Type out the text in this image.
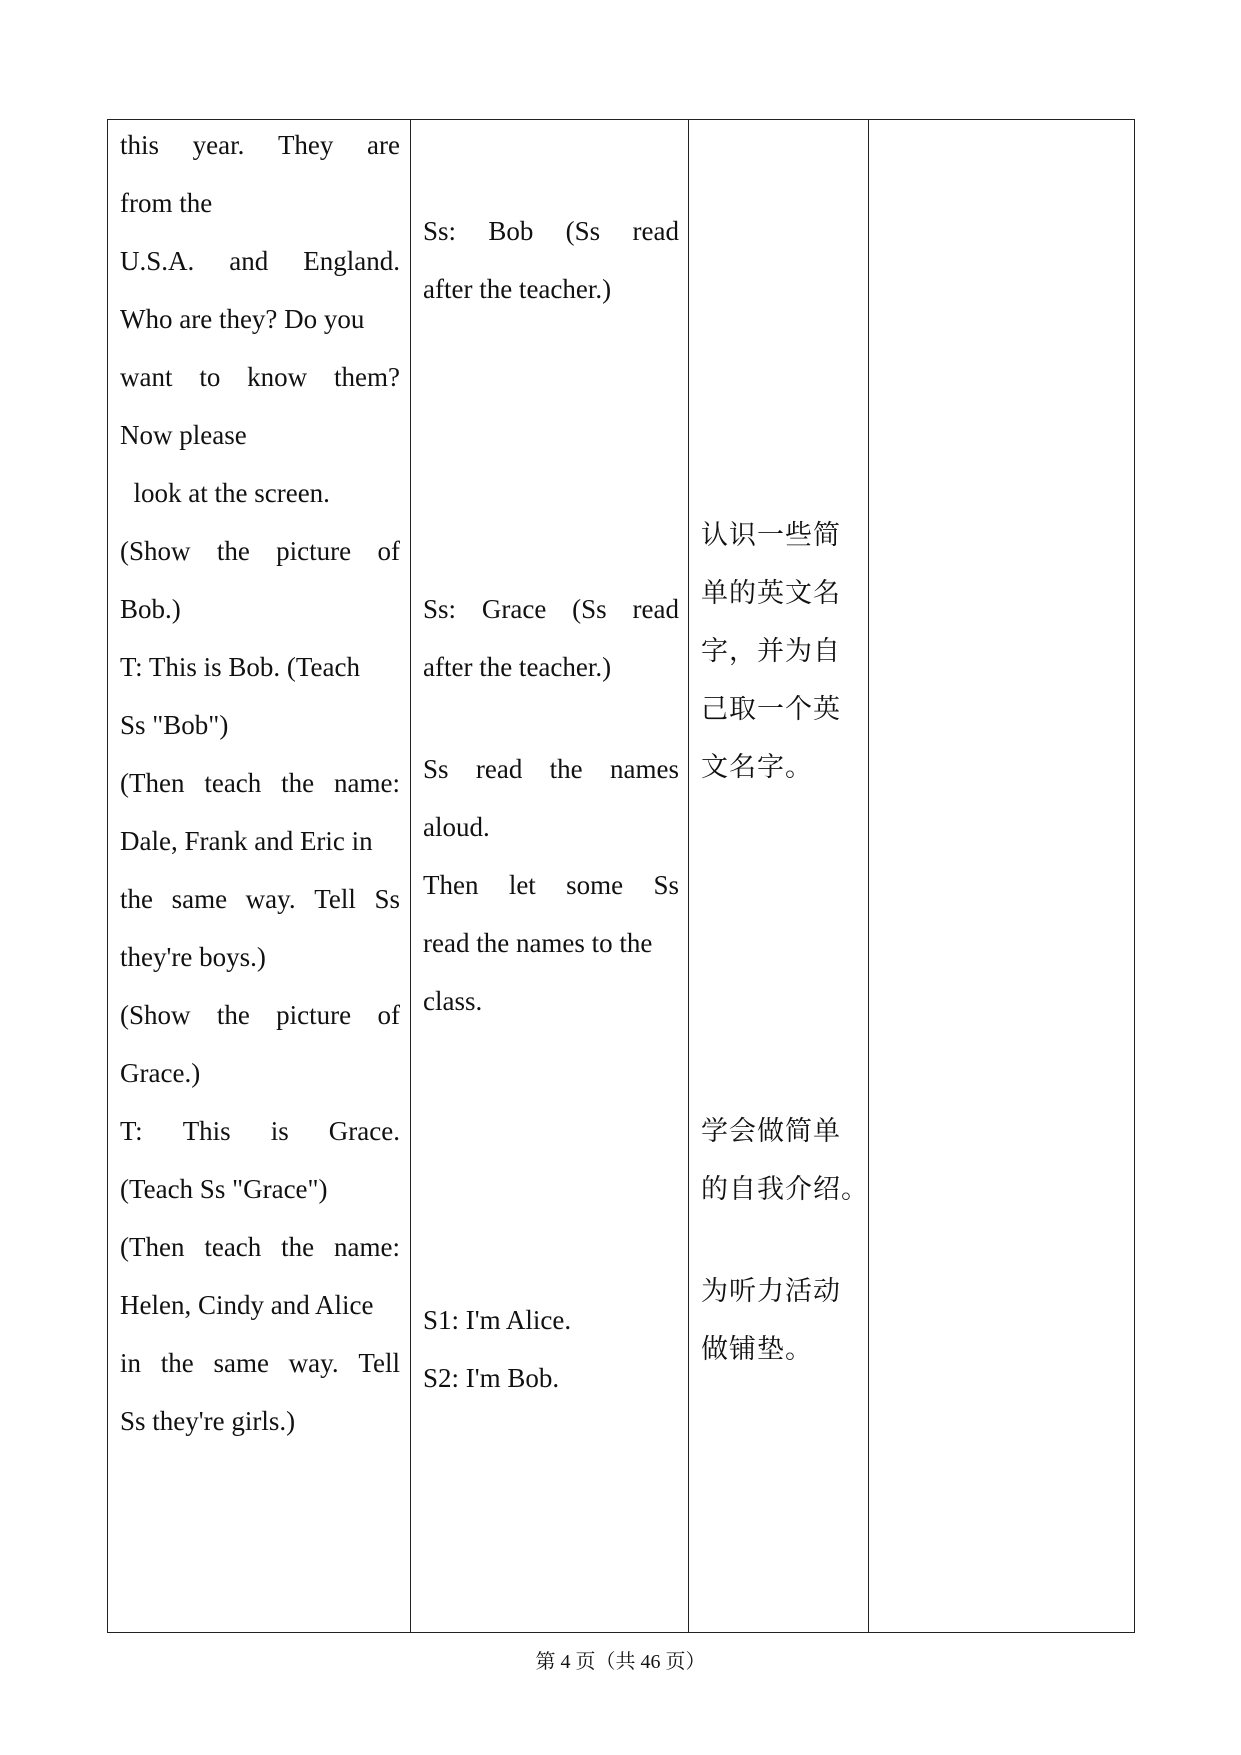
this year. They are
from the
U.S.A. and England.
Who are they? Do you
want to know them?
Now please
look at the screen.
(Show the picture of
Bob.)
T: This is Bob. (Teach
Ss "Bob")
(Then teach the name:
Dale, Frank and Eric in
the same way. Tell Ss
they're boys.)
(Show the picture of
Grace.)
T: This is Grace.
(Teach Ss "Grace")
(Then teach the name:
Helen, Cindy and Alice
in the same way. Tell
Ss they're girls.)
Ss: Bob (Ss read
after the teacher.)
Ss: Grace (Ss read
after the teacher.)
Ss read the names
aloud.
Then let some Ss
read the names to the
class.
S1: I'm Alice.
S2: I'm Bob.
认识一些简
单的英文名
字，并为自
己取一个英
文名字。
学会做简单
的自我介绍。
为听力活动
做铺垫。
第 4 页（共 46 页）
